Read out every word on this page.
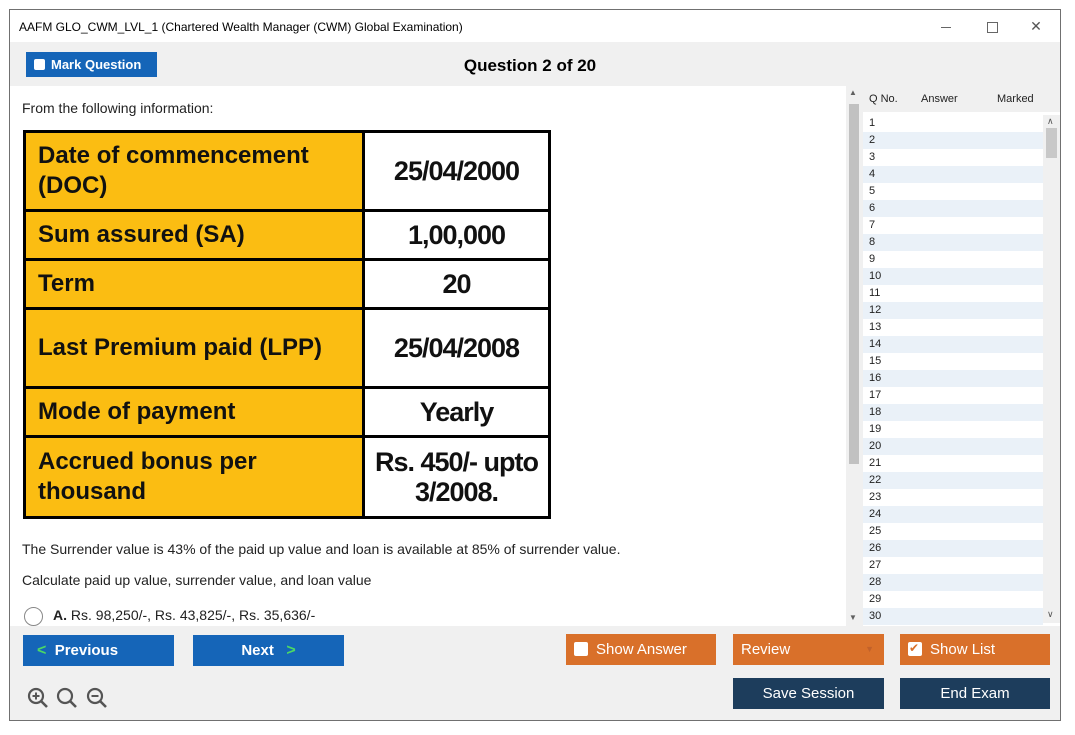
AAFM GLO_CWM_LVL_1 (Chartered Wealth Manager (CWM) Global Examination)	✕
Mark Question	Question 2 of 20
From the following information:
Date of commencement (DOC)	25/04/2000
Sum assured (SA)	1,00,000
Term	20
Last Premium paid (LPP)	25/04/2008
Mode of payment	Yearly
Accrued bonus per thousand	Rs. 450/- upto 3/2008.
The Surrender value is 43% of the paid up value and loan is available at 85% of surrender value.
Calculate paid up value, surrender value, and loan value
A. Rs. 98,250/-, Rs. 43,825/-, Rs. 35,636/-
▲
▼
Q No. Answer	Marked
1
2
3
4
5
6
7
8
9
10
11
12
13
14
15
16
17
18
19
20
21
22
23
24
25
26
27
28
29
30
∧
∨
< Previous	Next >	Show Answer	Review	▼ ✔	Show List
Save Session	End Exam
